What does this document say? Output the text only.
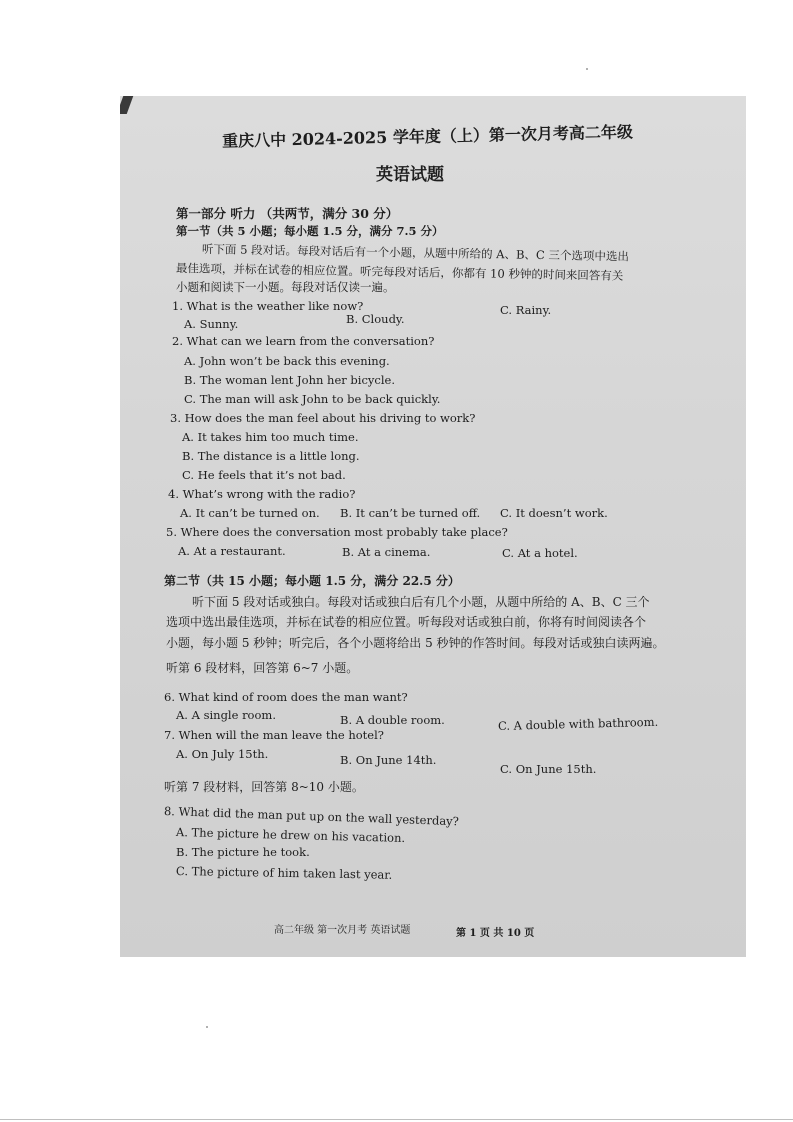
重庆八中 2024-2025 学年度（上）第一次月考高二年级
英语试题
第一部分 听力 （共两节，满分 30 分）
第一节（共 5 小题；每小题 1.5 分，满分 7.5 分）
听下面 5 段对话。每段对话后有一个小题，从题中所给的 A、B、C 三个选项中选出
最佳选项，并标在试卷的相应位置。听完每段对话后，你都有 10 秒钟的时间来回答有关
小题和阅读下一小题。每段对话仅读一遍。
1. What is the weather like now?
A. Sunny.	B. Cloudy.
C. Rainy.
2. What can we learn from the conversation?
A. John won’t be back this evening.
B. The woman lent John her bicycle.
C. The man will ask John to be back quickly.
3. How does the man feel about his driving to work?
A. It takes him too much time.
B. The distance is a little long.
C. He feels that it’s not bad.
4. What’s wrong with the radio?
A. It can’t be turned on. B. It can’t be turned off. C. It doesn’t work.
5. Where does the conversation most probably take place?
A. At a restaurant.	B. At a cinema.	C. At a hotel.
第二节（共 15 小题；每小题 1.5 分，满分 22.5 分）
听下面 5 段对话或独白。每段对话或独白后有几个小题，从题中所给的 A、B、C 三个
选项中选出最佳选项，并标在试卷的相应位置。听每段对话或独白前，你将有时间阅读各个
小题，每小题 5 秒钟；听完后，各个小题将给出 5 秒钟的作答时间。每段对话或独白读两遍。
听第 6 段材料，回答第 6~7 小题。
6. What kind of room does the man want?
A. A single room.	B. A double room.	C. A double with bathroom.
7. When will the man leave the hotel?
A. On July 15th.	B. On June 14th.
C. On June 15th.
听第 7 段材料，回答第 8~10 小题。
8. What did the man put up on the wall yesterday?
A. The picture he drew on his vacation.
B. The picture he took.
C. The picture of him taken last year.
高二年级 第一次月考 英语试题	第 1 页 共 10 页
